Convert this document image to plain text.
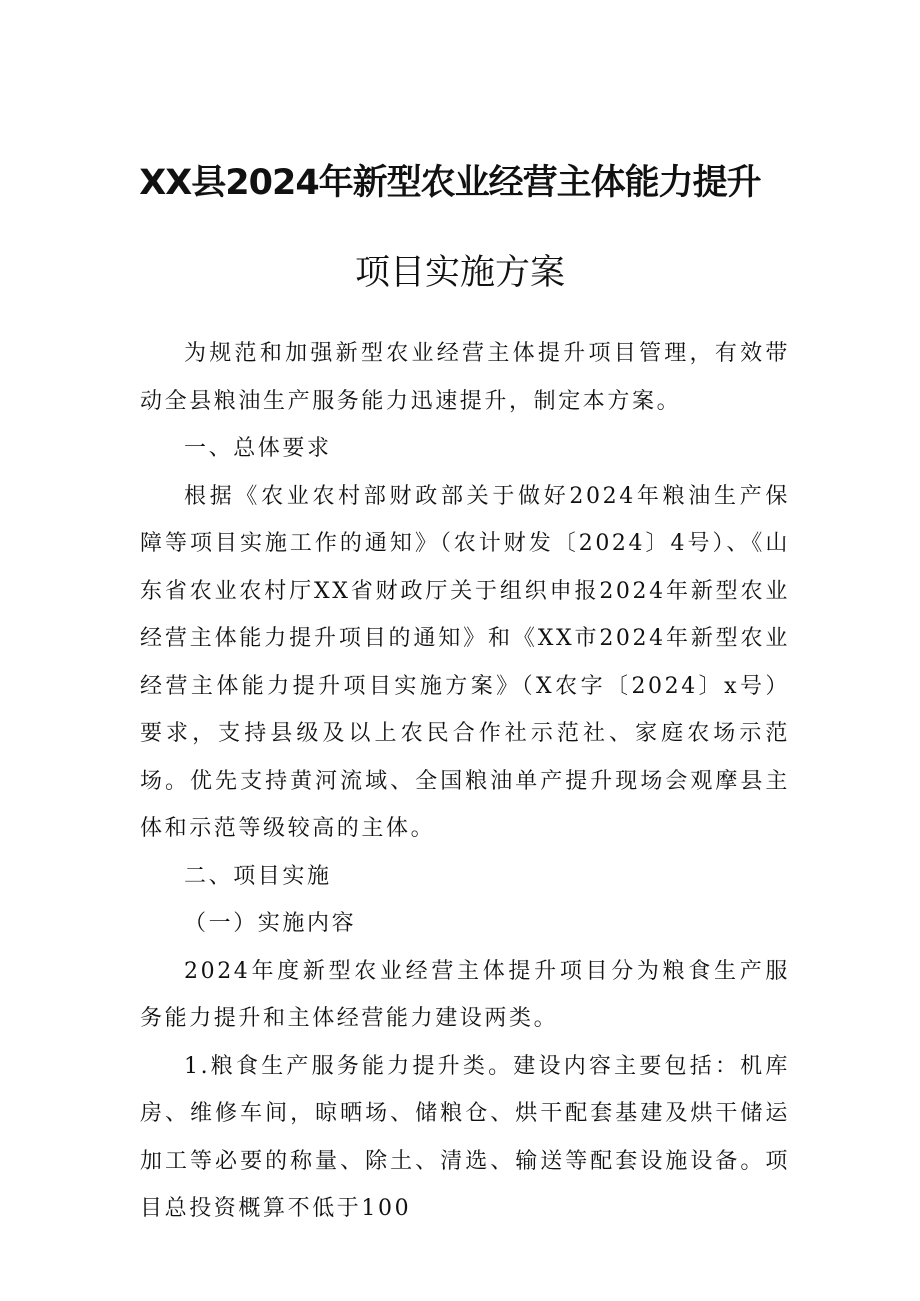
XX县2024年新型农业经营主体能力提升
项目实施方案

为规范和加强新型农业经营主体提升项目管理，有效带动全县粮油生产服务能力迅速提升，制定本方案。

一、总体要求

根据《农业农村部财政部关于做好2024年粮油生产保障等项目实施工作的通知》（农计财发〔2024〕4号）、《山东省农业农村厅XX省财政厅关于组织申报2024年新型农业经营主体能力提升项目的通知》和《XX市2024年新型农业经营主体能力提升项目实施方案》（X农字〔2024〕x号）要求，支持县级及以上农民合作社示范社、家庭农场示范场。优先支持黄河流域、全国粮油单产提升现场会观摩县主体和示范等级较高的主体。

二、项目实施

（一）实施内容

2024年度新型农业经营主体提升项目分为粮食生产服务能力提升和主体经营能力建设两类。

1.粮食生产服务能力提升类。建设内容主要包括：机库房、维修车间，晾晒场、储粮仓、烘干配套基建及烘干储运加工等必要的称量、除土、清选、输送等配套设施设备。项目总投资概算不低于100
